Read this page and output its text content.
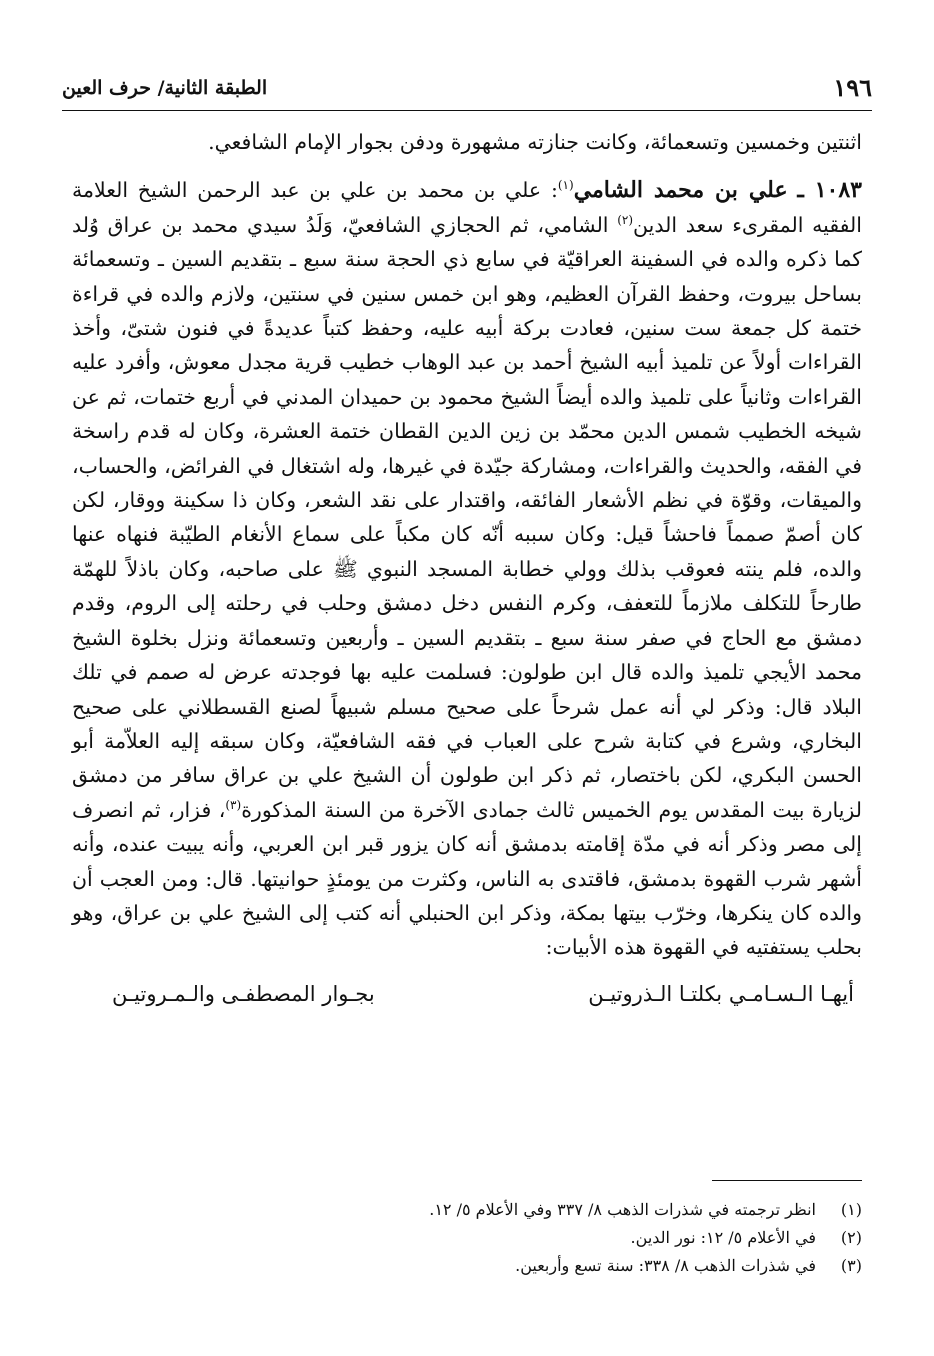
١٩٦
الطبقة الثانية/ حرف العين

اثنتين وخمسين وتسعمائة، وكانت جنازته مشهورة ودفن بجوار الإمام الشافعي.

١٠٨٣ ـ علي بن محمد الشامي$^{(١)}$: علي بن محمد بن علي بن عبد الرحمن الشيخ العلامة الفقيه المقرىء سعد الدين$^{(٢)}$ الشامي، ثم الحجازي الشافعيّ، وَلَدُ سيدي محمد بن عراق وُلد كما ذكره والده في السفينة العراقيّة في سابع ذي الحجة سنة سبع ـ بتقديم السين ـ وتسعمائة بساحل بيروت، وحفظ القرآن العظيم، وهو ابن خمس سنين في سنتين، ولازم والده في قراءة ختمة كل جمعة ست سنين، فعادت بركة أبيه عليه، وحفظ كتباً عديدةً في فنون شتىّ، وأخذ القراءات أولاً عن تلميذ أبيه الشيخ أحمد بن عبد الوهاب خطيب قرية مجدل معوش، وأفرد عليه القراءات وثانياً على تلميذ والده أيضاً الشيخ محمود بن حميدان المدني في أربع ختمات، ثم عن شيخه الخطيب شمس الدين محمّد بن زين الدين القطان ختمة العشرة، وكان له قدم راسخة في الفقه، والحديث والقراءات، ومشاركة جيّدة في غيرها، وله اشتغال في الفرائض، والحساب، والميقات، وقوّة في نظم الأشعار الفائقه، واقتدار على نقد الشعر، وكان ذا سكينة ووقار، لكن كان أصمّ صمماً فاحشاً قيل: وكان سببه أنّه كان مكباً على سماع الأنغام الطيّبة فنهاه عنها والده، فلم ينته فعوقب بذلك وولي خطابة المسجد النبوي ﷺ على صاحبه، وكان باذلاً للهمّة طارحاً للتكلف ملازماً للتعفف، وكرم النفس دخل دمشق وحلب في رحلته إلى الروم، وقدم دمشق مع الحاج في صفر سنة سبع ـ بتقديم السين ـ وأربعين وتسعمائة ونزل بخلوة الشيخ محمد الأيجي تلميذ والده قال ابن طولون: فسلمت عليه بها فوجدته عرض له صمم في تلك البلاد قال: وذكر لي أنه عمل شرحاً على صحيح مسلم شبيهاً لصنع القسطلاني على صحيح البخاري، وشرع في كتابة شرح على العباب في فقه الشافعيّة، وكان سبقه إليه العلاّمة أبو الحسن البكري، لكن باختصار، ثم ذكر ابن طولون أن الشيخ علي بن عراق سافر من دمشق لزيارة بيت المقدس يوم الخميس ثالث جمادى الآخرة من السنة المذكورة$^{(٣)}$، فزار، ثم انصرف إلى مصر وذكر أنه في مدّة إقامته بدمشق أنه كان يزور قبر ابن العربي، وأنه يبيت عنده، وأنه أشهر شرب القهوة بدمشق، فاقتدى به الناس، وكثرت من يومئذٍ حوانيتها. قال: ومن العجب أن والده كان ينكرها، وخرّب بيتها بمكة، وذكر ابن الحنبلي أنه كتب إلى الشيخ علي بن عراق، وهو بحلب يستفتيه في القهوة هذه الأبيات:

أيهـا الـسـامـي بكلتـا الـذروتيـن
بجـوار المصطفـى والـمـروتيـن
(١)
انظر ترجمته في شذرات الذهب ٨/ ٣٣٧ وفي الأعلام ٥/ ١٢.
(٢)
في الأعلام ٥/ ١٢: نور الدين.
(٣)
في شذرات الذهب ٨/ ٣٣٨: سنة تسع وأربعين.
